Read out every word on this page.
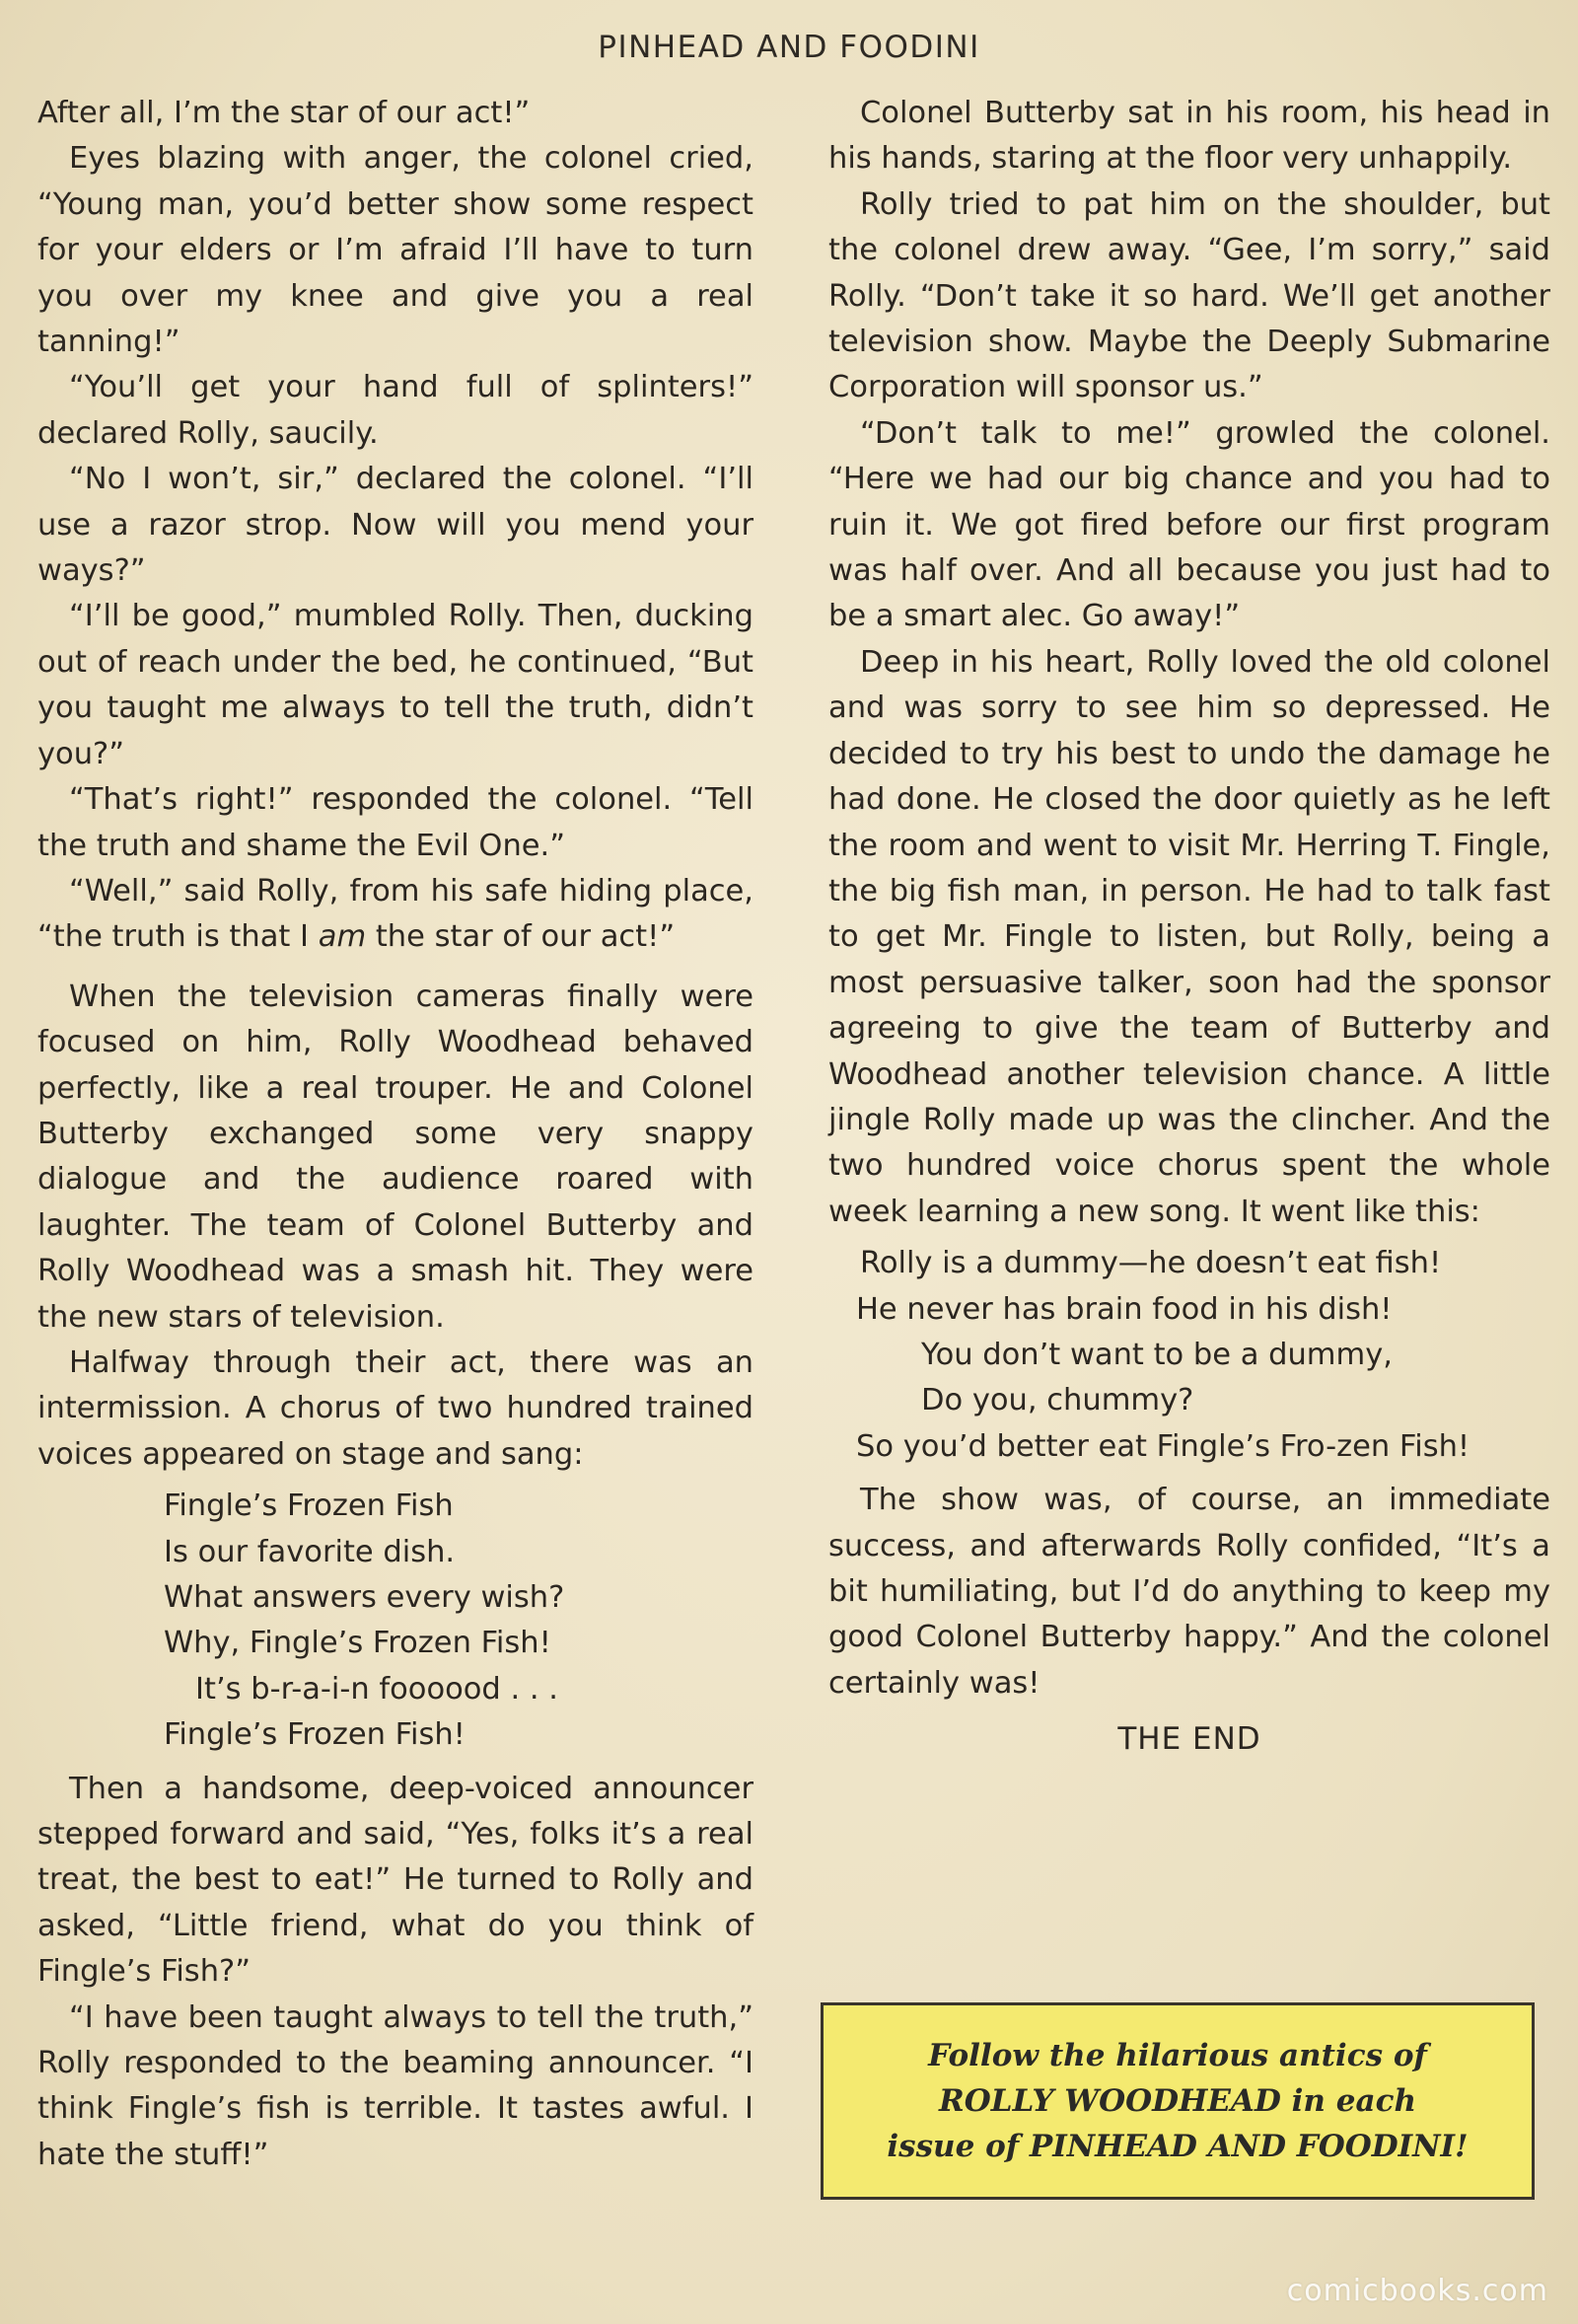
PINHEAD AND FOODINI

After all, I’m the star of our act!”

Eyes blazing with anger, the colonel cried, “Young man, you’d better show some respect for your elders or I’m afraid I’ll have to turn you over my knee and give you a real tanning!”

“You’ll get your hand full of splinters!” declared Rolly, saucily.

“No I won’t, sir,” declared the colonel. “I’ll use a razor strop. Now will you mend your ways?”

“I’ll be good,” mumbled Rolly. Then, ducking out of reach under the bed, he continued, “But you taught me always to tell the truth, didn’t you?”

“That’s right!” responded the colonel. “Tell the truth and shame the Evil One.”

“Well,” said Rolly, from his safe hiding place, “the truth is that I am the star of our act!”

When the television cameras finally were focused on him, Rolly Woodhead behaved perfectly, like a real trouper. He and Colonel Butterby exchanged some very snappy dialogue and the audience roared with laughter. The team of Colonel Butterby and Rolly Woodhead was a smash hit. They were the new stars of television.

Halfway through their act, there was an intermission. A chorus of two hundred trained voices appeared on stage and sang:

Fingle’s Frozen Fish
Is our favorite dish.
What answers every wish?
Why, Fingle’s Frozen Fish!
It’s b-r-a-i-n foooood . . .
Fingle’s Frozen Fish!

Then a handsome, deep-voiced announcer stepped forward and said, “Yes, folks it’s a real treat, the best to eat!” He turned to Rolly and asked, “Little friend, what do you think of Fingle’s Fish?”

“I have been taught always to tell the truth,” Rolly responded to the beaming announcer. “I think Fingle’s fish is terrible. It tastes awful. I hate the stuff!”

Colonel Butterby sat in his room, his head in his hands, staring at the floor very unhappily.

Rolly tried to pat him on the shoulder, but the colonel drew away. “Gee, I’m sorry,” said Rolly. “Don’t take it so hard. We’ll get another television show. Maybe the Deeply Submarine Corporation will sponsor us.”

“Don’t talk to me!” growled the colonel. “Here we had our big chance and you had to ruin it. We got fired before our first program was half over. And all because you just had to be a smart alec. Go away!”

Deep in his heart, Rolly loved the old colonel and was sorry to see him so depressed. He decided to try his best to undo the damage he had done. He closed the door quietly as he left the room and went to visit Mr. Herring T. Fingle, the big fish man, in person. He had to talk fast to get Mr. Fingle to listen, but Rolly, being a most persuasive talker, soon had the sponsor agreeing to give the team of Butterby and Woodhead another television chance. A little jingle Rolly made up was the clincher. And the two hundred voice chorus spent the whole week learning a new song. It went like this:

Rolly is a dummy—he doesn’t eat fish!
He never has brain food in his dish!
You don’t want to be a dummy,
Do you, chummy?
So you’d better eat Fingle’s Fro-zen Fish!

The show was, of course, an immediate success, and afterwards Rolly confided, “It’s a bit humiliating, but I’d do anything to keep my good Colonel Butterby happy.” And the colonel certainly was!

THE END
Follow the hilarious antics of
ROLLY WOODHEAD in each
issue of PINHEAD AND FOODINI!
comicbooks.com
